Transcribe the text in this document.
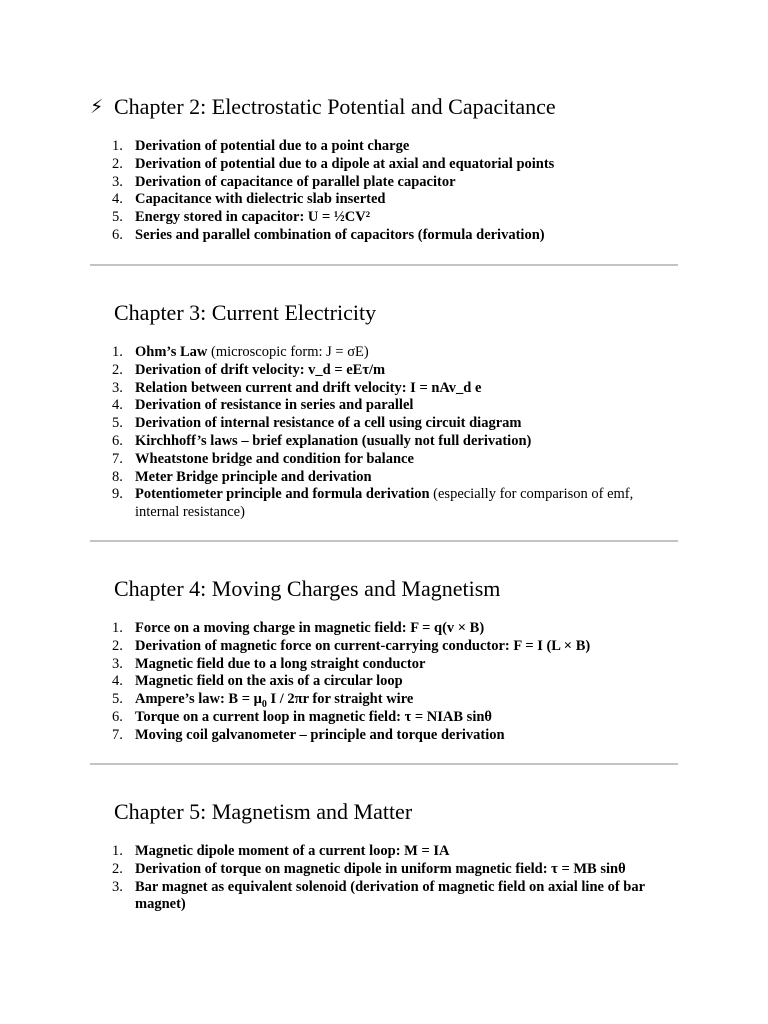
⚡ Chapter 2: Electrostatic Potential and Capacitance
1. Derivation of potential due to a point charge
2. Derivation of potential due to a dipole at axial and equatorial points
3. Derivation of capacitance of parallel plate capacitor
4. Capacitance with dielectric slab inserted
5. Energy stored in capacitor: U = ½CV²
6. Series and parallel combination of capacitors (formula derivation)
Chapter 3: Current Electricity
1. Ohm’s Law (microscopic form: J = σE)
2. Derivation of drift velocity: v_d = eEτ/m
3. Relation between current and drift velocity: I = nAv_d e
4. Derivation of resistance in series and parallel
5. Derivation of internal resistance of a cell using circuit diagram
6. Kirchhoff’s laws – brief explanation (usually not full derivation)
7. Wheatstone bridge and condition for balance
8. Meter Bridge principle and derivation
9. Potentiometer principle and formula derivation (especially for comparison of emf, internal resistance)
Chapter 4: Moving Charges and Magnetism
1. Force on a moving charge in magnetic field: F = q(v × B)
2. Derivation of magnetic force on current-carrying conductor: F = I (L × B)
3. Magnetic field due to a long straight conductor
4. Magnetic field on the axis of a circular loop
5. Ampere’s law: $B = \mu_0$ I / 2πr for straight wire
6. Torque on a current loop in magnetic field: τ = NIAB sinθ
7. Moving coil galvanometer – principle and torque derivation
Chapter 5: Magnetism and Matter
1. Magnetic dipole moment of a current loop: M = IA
2. Derivation of torque on magnetic dipole in uniform magnetic field: τ = MB sinθ
3. Bar magnet as equivalent solenoid (derivation of magnetic field on axial line of bar magnet)
